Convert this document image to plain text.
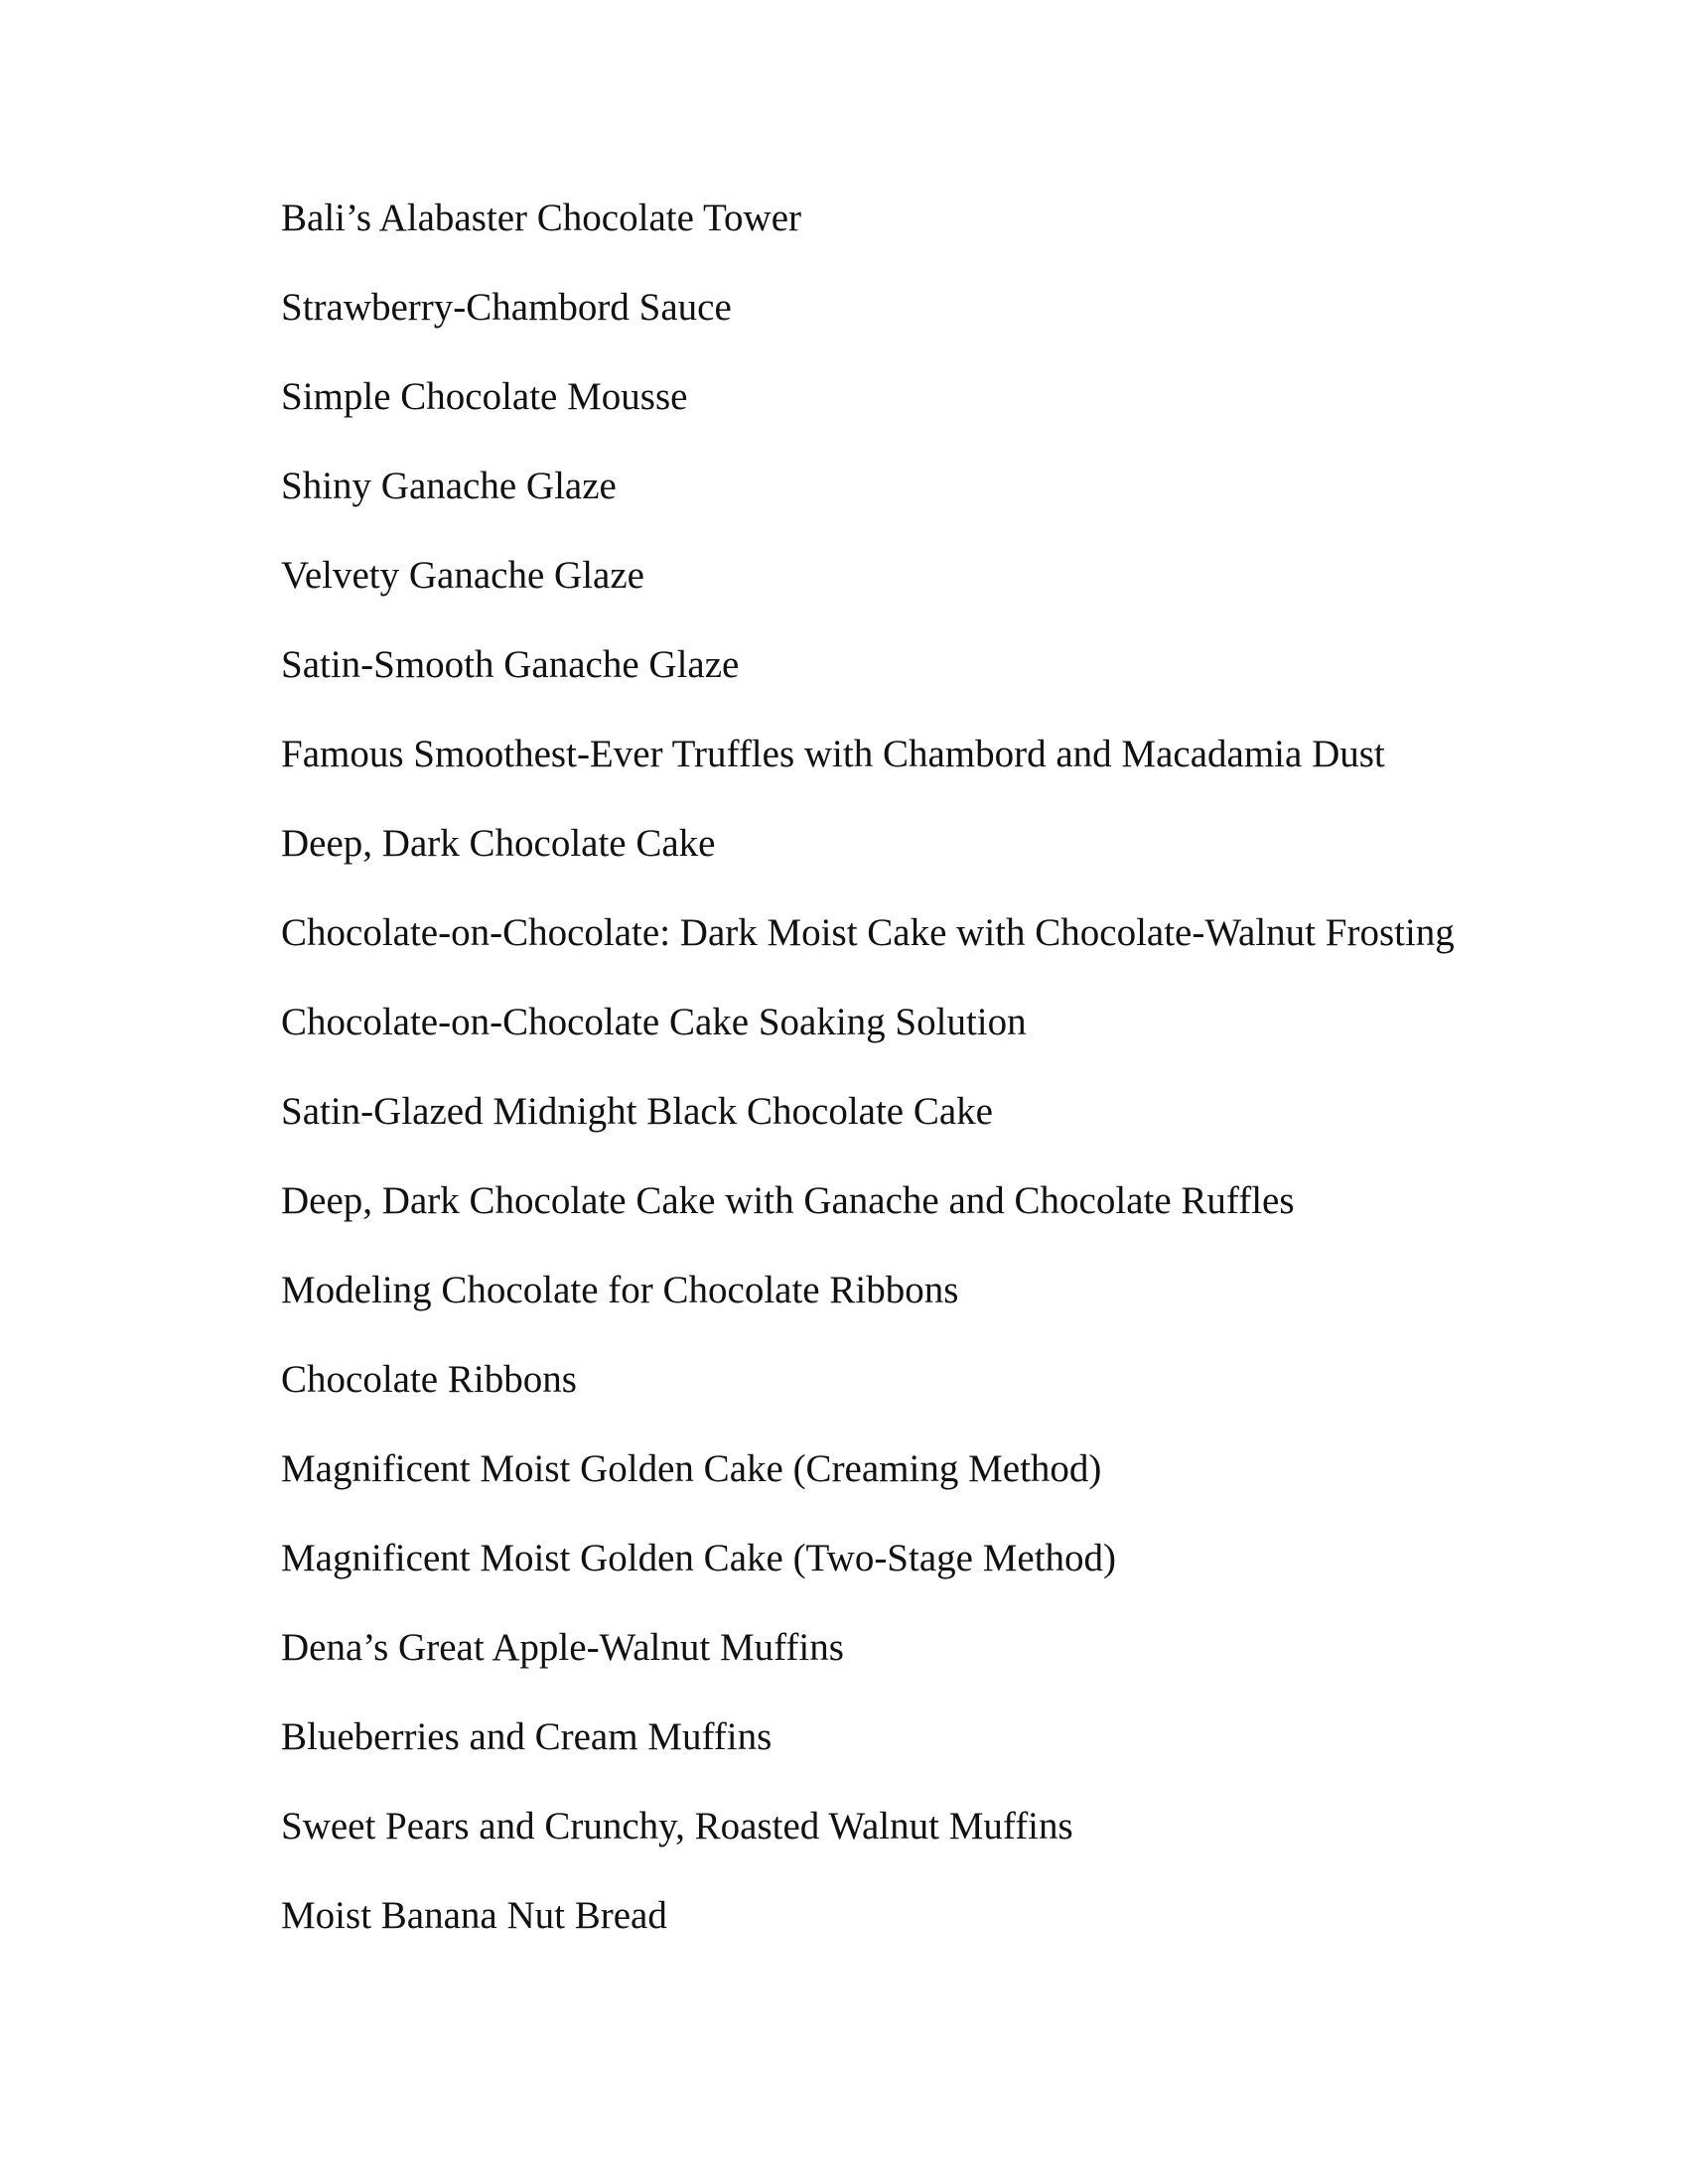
Bali’s Alabaster Chocolate Tower
Strawberry-Chambord Sauce
Simple Chocolate Mousse
Shiny Ganache Glaze
Velvety Ganache Glaze
Satin-Smooth Ganache Glaze
Famous Smoothest-Ever Truffles with Chambord and Macadamia Dust
Deep, Dark Chocolate Cake
Chocolate-on-Chocolate: Dark Moist Cake with Chocolate-Walnut Frosting
Chocolate-on-Chocolate Cake Soaking Solution
Satin-Glazed Midnight Black Chocolate Cake
Deep, Dark Chocolate Cake with Ganache and Chocolate Ruffles
Modeling Chocolate for Chocolate Ribbons
Chocolate Ribbons
Magnificent Moist Golden Cake (Creaming Method)
Magnificent Moist Golden Cake (Two-Stage Method)
Dena’s Great Apple-Walnut Muffins
Blueberries and Cream Muffins
Sweet Pears and Crunchy, Roasted Walnut Muffins
Moist Banana Nut Bread
